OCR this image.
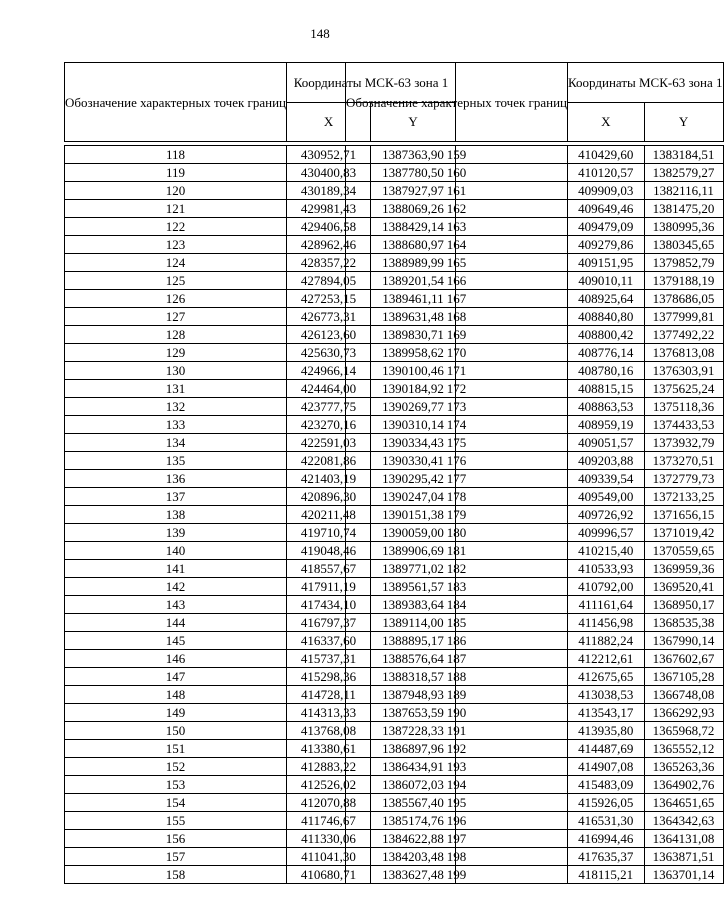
148
Обозначение характерных точек границ	Координаты МСК-63 зона 1	
	X	Y

118	430952,71	1387363,90
119	430400,83	1387780,50
120	430189,34	1387927,97
121	429981,43	1388069,26
122	429406,58	1388429,14
123	428962,46	1388680,97
124	428357,22	1388989,99
125	427894,05	1389201,54
126	427253,15	1389461,11
127	426773,31	1389631,48
128	426123,60	1389830,71
129	425630,73	1389958,62
130	424966,14	1390100,46
131	424464,00	1390184,92
132	423777,75	1390269,77
133	423270,16	1390310,14
134	422591,03	1390334,43
135	422081,86	1390330,41
136	421403,19	1390295,42
137	420896,30	1390247,04
138	420211,48	1390151,38
139	419710,74	1390059,00
140	419048,46	1389906,69
141	418557,67	1389771,02
142	417911,19	1389561,57
143	417434,10	1389383,64
144	416797,37	1389114,00
145	416337,60	1388895,17
146	415737,31	1388576,64
147	415298,36	1388318,57
148	414728,11	1387948,93
149	414313,33	1387653,59
150	413768,08	1387228,33
151	413380,61	1386897,96
152	412883,22	1386434,91
153	412526,02	1386072,03
154	412070,88	1385567,40
155	411746,67	1385174,76
156	411330,06	1384622,88
157	411041,30	1384203,48
158	410680,71	1383627,48
Обозначение характерных точек границ	Координаты МСК-63 зона 1	
	X	Y

159	410429,60	1383184,51
160	410120,57	1382579,27
161	409909,03	1382116,11
162	409649,46	1381475,20
163	409479,09	1380995,36
164	409279,86	1380345,65
165	409151,95	1379852,79
166	409010,11	1379188,19
167	408925,64	1378686,05
168	408840,80	1377999,81
169	408800,42	1377492,22
170	408776,14	1376813,08
171	408780,16	1376303,91
172	408815,15	1375625,24
173	408863,53	1375118,36
174	408959,19	1374433,53
175	409051,57	1373932,79
176	409203,88	1373270,51
177	409339,54	1372779,73
178	409549,00	1372133,25
179	409726,92	1371656,15
180	409996,57	1371019,42
181	410215,40	1370559,65
182	410533,93	1369959,36
183	410792,00	1369520,41
184	411161,64	1368950,17
185	411456,98	1368535,38
186	411882,24	1367990,14
187	412212,61	1367602,67
188	412675,65	1367105,28
189	413038,53	1366748,08
190	413543,17	1366292,93
191	413935,80	1365968,72
192	414487,69	1365552,12
193	414907,08	1365263,36
194	415483,09	1364902,76
195	415926,05	1364651,65
196	416531,30	1364342,63
197	416994,46	1364131,08
198	417635,37	1363871,51
199	418115,21	1363701,14
